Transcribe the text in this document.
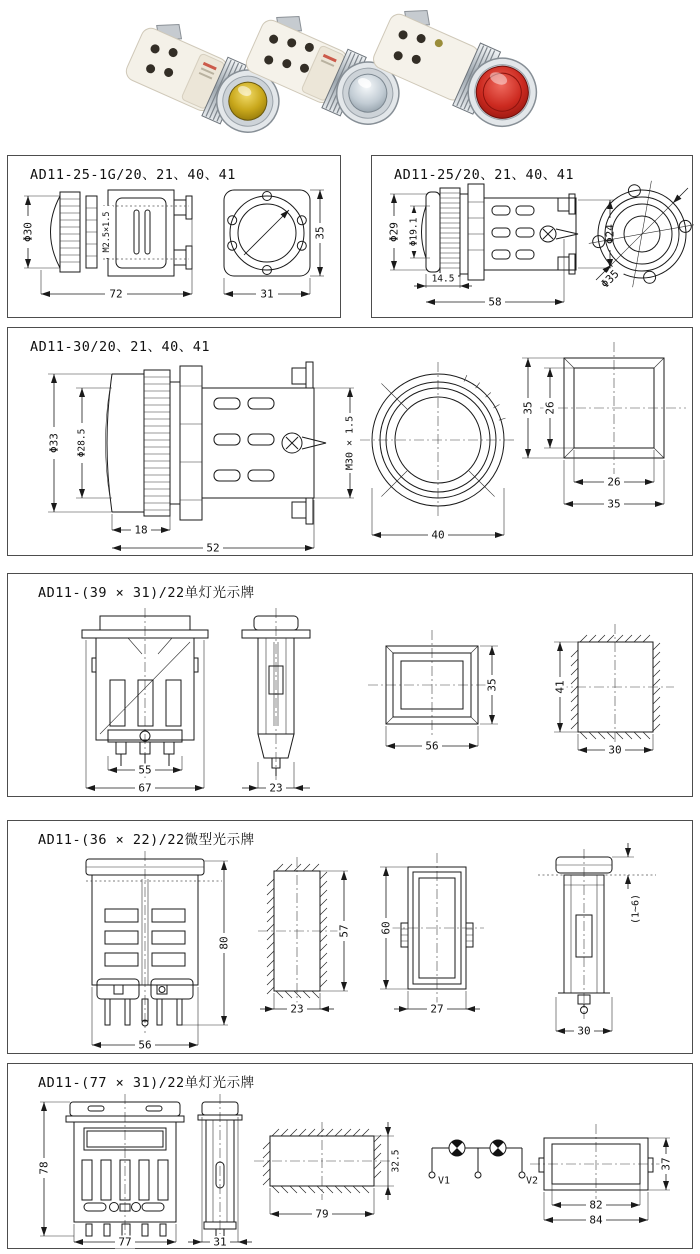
AD11-25-1G/20、21、40、41
Φ30	M2.5×1.5
72
35
31
AD11-25/20、21、40、41
Φ29 Φ19.1	Φ24
14.5
58
Φ35
AD11-30/20、21、40、41
Φ33 Φ28.5	M30 × 1.5
18
52
40
35 26
26
35
AD11-(39 × 31)/22单灯光示牌
55
67	23
56
35	41
30
AD11-(36 × 22)/22微型光示牌
80
56
57
23
60
27
(1~6)
30
AD11-(77 × 31)/22单灯光示牌
78
77	31
32.5
79
V1	V2
37
82
84
